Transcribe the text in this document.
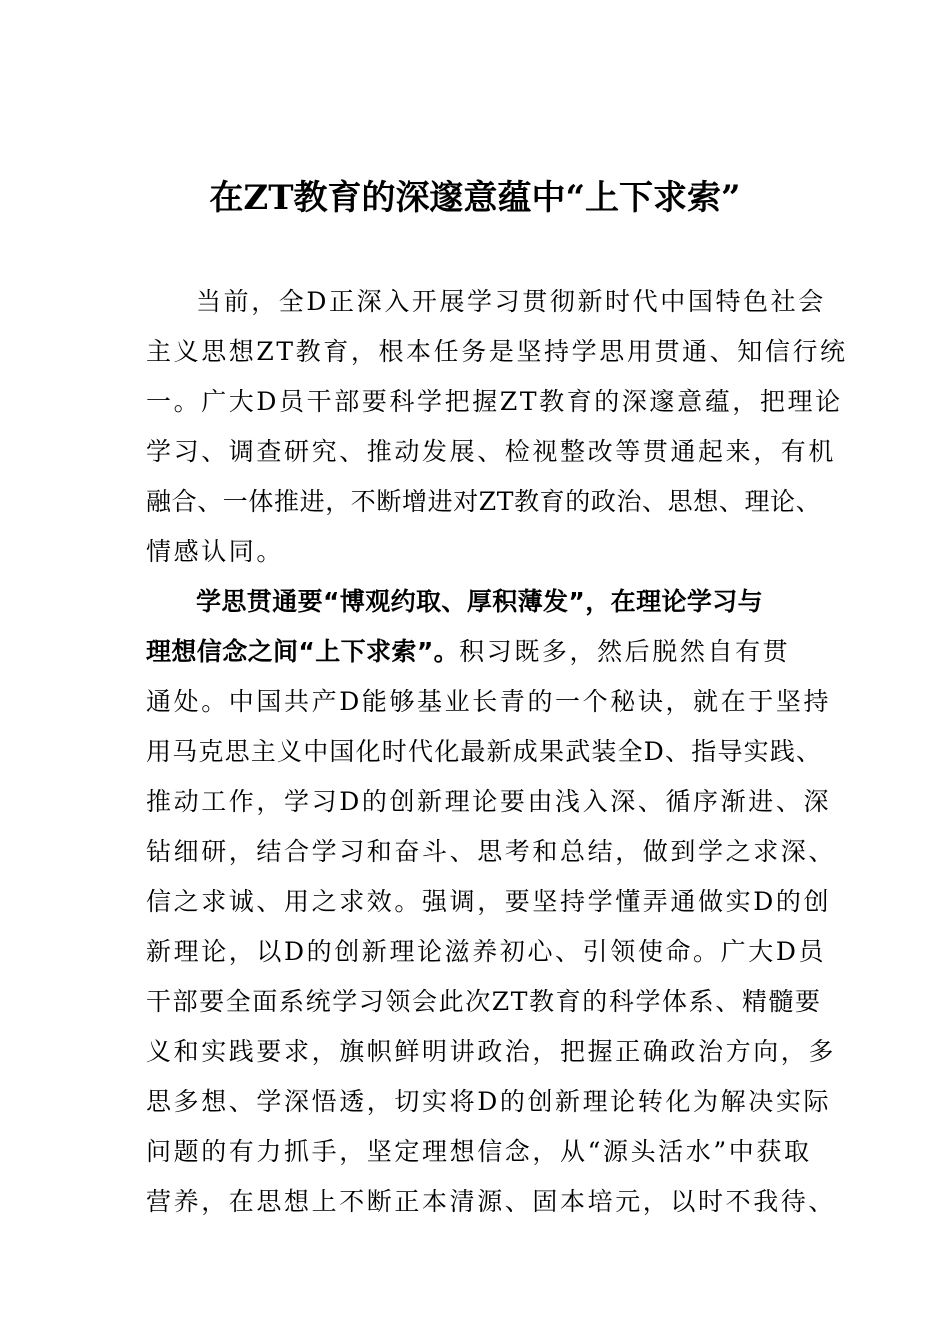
在ZT教育的深邃意蕴中“上下求索”
当前，全D正深入开展学习贯彻新时代中国特色社会
主义思想ZT教育，根本任务是坚持学思用贯通、知信行统
一。广大D员干部要科学把握ZT教育的深邃意蕴，把理论
学习、调查研究、推动发展、检视整改等贯通起来，有机
融合、一体推进，不断增进对ZT教育的政治、思想、理论、
情感认同。
学思贯通要“博观约取、厚积薄发”，在理论学习与
理想信念之间“上下求索”。积习既多，然后脱然自有贯
通处。中国共产D能够基业长青的一个秘诀，就在于坚持
用马克思主义中国化时代化最新成果武装全D、指导实践、
推动工作，学习D的创新理论要由浅入深、循序渐进、深
钻细研，结合学习和奋斗、思考和总结，做到学之求深、
信之求诚、用之求效。强调，要坚持学懂弄通做实D的创
新理论，以D的创新理论滋养初心、引领使命。广大D员
干部要全面系统学习领会此次ZT教育的科学体系、精髓要
义和实践要求，旗帜鲜明讲政治，把握正确政治方向，多
思多想、学深悟透，切实将D的创新理论转化为解决实际
问题的有力抓手，坚定理想信念，从“源头活水”中获取
营养，在思想上不断正本清源、固本培元，以时不我待、
